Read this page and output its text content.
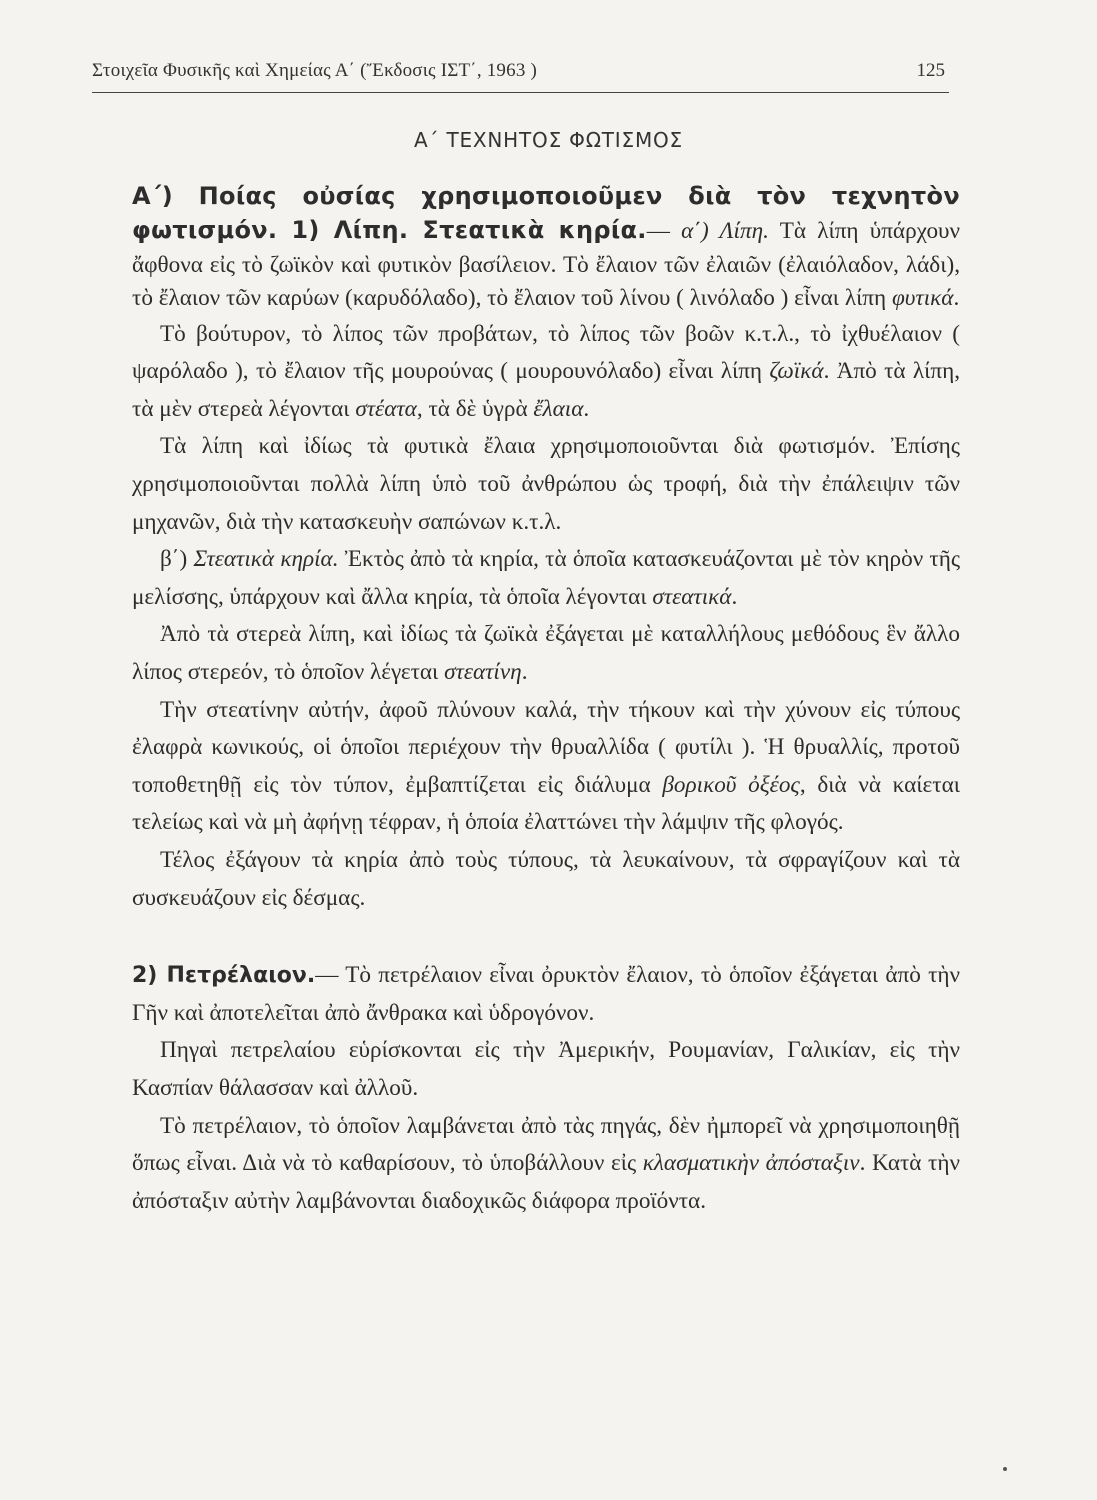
Στοιχεῖα Φυσικῆς καὶ Χημείας Α΄ (Ἔκδοσις ΙΣΤ΄, 1963 )	125
Α΄ ΤΕΧΝΗΤΟΣ ΦΩΤΙΣΜΟΣ

Α΄) Ποίας οὐσίας χρησιμοποιοῦμεν διὰ τὸν τεχνητὸν φωτισμόν. 1) Λίπη. Στεατικὰ κηρία.— α΄) Λίπη. Τὰ λίπη ὑπάρχουν ἄφθονα εἰς τὸ ζωϊκὸν καὶ φυτικὸν βασίλειον. Τὸ ἔλαιον τῶν ἐλαιῶν (ἐλαιόλαδον, λάδι), τὸ ἔλαιον τῶν καρύων (καρυδόλαδο), τὸ ἔλαιον τοῦ λίνου ( λινόλαδο ) εἶναι λίπη φυτικά.

Τὸ βούτυρον, τὸ λίπος τῶν προβάτων, τὸ λίπος τῶν βοῶν κ.τ.λ., τὸ ἰχθυέλαιον ( ψαρόλαδο ), τὸ ἔλαιον τῆς μουρούνας ( μουρουνόλαδο) εἶναι λίπη ζωϊκά. Ἀπὸ τὰ λίπη, τὰ μὲν στερεὰ λέγονται στέατα, τὰ δὲ ὑγρὰ ἔλαια.

Τὰ λίπη καὶ ἰδίως τὰ φυτικὰ ἔλαια χρησιμοποιοῦνται διὰ φωτισμόν. Ἐπίσης χρησιμοποιοῦνται πολλὰ λίπη ὑπὸ τοῦ ἀνθρώπου ὡς τροφή, διὰ τὴν ἐπάλειψιν τῶν μηχανῶν, διὰ τὴν κατασκευὴν σαπώνων κ.τ.λ.

β΄) Στεατικὰ κηρία. Ἐκτὸς ἀπὸ τὰ κηρία, τὰ ὁποῖα κατασκευάζονται μὲ τὸν κηρὸν τῆς μελίσσης, ὑπάρχουν καὶ ἄλλα κηρία, τὰ ὁποῖα λέγονται στεατικά.

Ἀπὸ τὰ στερεὰ λίπη, καὶ ἰδίως τὰ ζωϊκὰ ἐξάγεται μὲ καταλλήλους μεθόδους ἓν ἄλλο λίπος στερεόν, τὸ ὁποῖον λέγεται στεατίνη.

Τὴν στεατίνην αὐτήν, ἀφοῦ πλύνουν καλά, τὴν τήκουν καὶ τὴν χύνουν εἰς τύπους ἐλαφρὰ κωνικούς, οἱ ὁποῖοι περιέχουν τὴν θρυαλλίδα ( φυτίλι ). Ἡ θρυαλλίς, προτοῦ τοποθετηθῇ εἰς τὸν τύπον, ἐμβαπτίζεται εἰς διάλυμα βορικοῦ ὀξέος, διὰ νὰ καίεται τελείως καὶ νὰ μὴ ἀφήνῃ τέφραν, ἡ ὁποία ἐλαττώνει τὴν λάμψιν τῆς φλογός.

Τέλος ἐξάγουν τὰ κηρία ἀπὸ τοὺς τύπους, τὰ λευκαίνουν, τὰ σφραγίζουν καὶ τὰ συσκευάζουν εἰς δέσμας.

2) Πετρέλαιον.— Τὸ πετρέλαιον εἶναι ὀρυκτὸν ἔλαιον, τὸ ὁποῖον ἐξάγεται ἀπὸ τὴν Γῆν καὶ ἀποτελεῖται ἀπὸ ἄνθρακα καὶ ὑδρογόνον.

Πηγαὶ πετρελαίου εὑρίσκονται εἰς τὴν Ἀμερικήν, Ρουμανίαν, Γαλικίαν, εἰς τὴν Κασπίαν θάλασσαν καὶ ἀλλοῦ.

Τὸ πετρέλαιον, τὸ ὁποῖον λαμβάνεται ἀπὸ τὰς πηγάς, δὲν ἠμπορεῖ νὰ χρησιμοποιηθῇ ὅπως εἶναι. Διὰ νὰ τὸ καθαρίσουν, τὸ ὑποβάλλουν εἰς κλασματικὴν ἀπόσταξιν. Κατὰ τὴν ἀπόσταξιν αὐτὴν λαμβάνονται διαδοχικῶς διάφορα προϊόντα.
